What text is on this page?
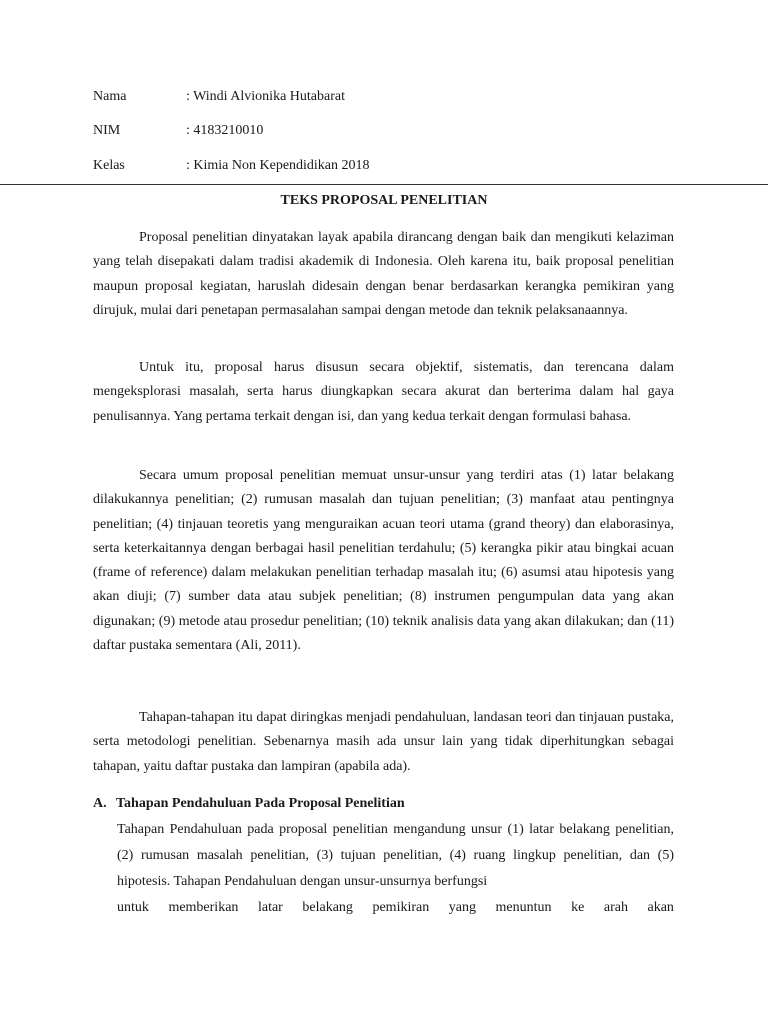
Nama	: Windi Alvionika Hutabarat
NIM	: 4183210010
Kelas	: Kimia Non Kependidikan 2018
TEKS PROPOSAL PENELITIAN

Proposal penelitian dinyatakan layak apabila dirancang dengan baik dan mengikuti kelaziman yang telah disepakati dalam tradisi akademik di Indonesia. Oleh karena itu, baik proposal penelitian maupun proposal kegiatan, haruslah didesain dengan benar berdasarkan kerangka pemikiran yang dirujuk, mulai dari penetapan permasalahan sampai dengan metode dan teknik pelaksanaannya.

Untuk itu, proposal harus disusun secara objektif, sistematis, dan terencana dalam mengeksplorasi masalah, serta harus diungkapkan secara akurat dan berterima dalam hal gaya penulisannya. Yang pertama terkait dengan isi, dan yang kedua terkait dengan formulasi bahasa.

Secara umum proposal penelitian memuat unsur-unsur yang terdiri atas (1) latar belakang dilakukannya penelitian; (2) rumusan masalah dan tujuan penelitian; (3) manfaat atau pentingnya penelitian; (4) tinjauan teoretis yang menguraikan acuan teori utama (grand theory) dan elaborasinya, serta keterkaitannya dengan berbagai hasil penelitian terdahulu; (5) kerangka pikir atau bingkai acuan (frame of reference) dalam melakukan penelitian terhadap masalah itu; (6) asumsi atau hipotesis yang akan diuji; (7) sumber data atau subjek penelitian; (8) instrumen pengumpulan data yang akan digunakan; (9) metode atau prosedur penelitian; (10) teknik analisis data yang akan dilakukan; dan (11) daftar pustaka sementara (Ali, 2011).

Tahapan-tahapan itu dapat diringkas menjadi pendahuluan, landasan teori dan tinjauan pustaka, serta metodologi penelitian. Sebenarnya masih ada unsur lain yang tidak diperhitungkan sebagai tahapan, yaitu daftar pustaka dan lampiran (apabila ada).

A. Tahapan Pendahuluan Pada Proposal Penelitian
Tahapan Pendahuluan pada proposal penelitian mengandung unsur (1) latar belakang penelitian, (2) rumusan masalah penelitian, (3) tujuan penelitian, (4) ruang lingkup penelitian, dan (5) hipotesis. Tahapan Pendahuluan dengan unsur-unsurnya berfungsi
untuk memberikan latar belakang pemikiran yang menuntun ke arah akan
